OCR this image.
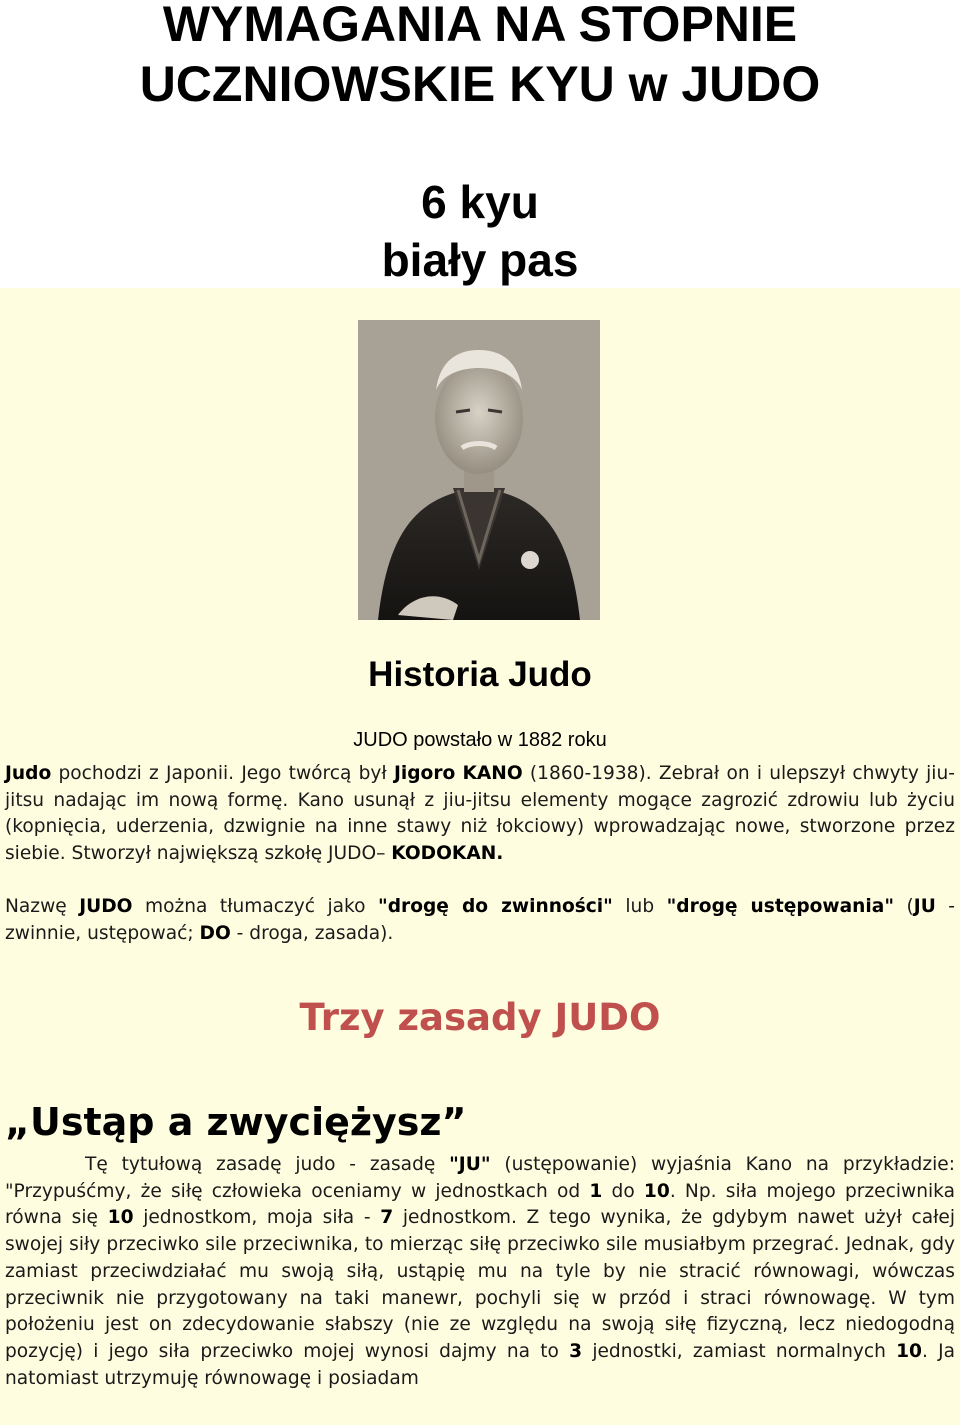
WYMAGANIA NA STOPNIE
UCZNIOWSKIE KYU w JUDO
6 kyu
biały pas
Historia Judo
JUDO powstało w 1882 roku

Judo pochodzi z Japonii. Jego twórcą był Jigoro KANO (1860-1938). Zebrał on i ulepszył chwyty jiu-jitsu nadając im nową formę. Kano usunął z jiu-jitsu elementy mogące zagrozić zdrowiu lub życiu (kopnięcia, uderzenia, dzwignie na inne stawy niż łokciowy) wprowadzając nowe, stworzone przez siebie. Stworzył największą szkołę JUDO– KODOKAN.

Nazwę JUDO można tłumaczyć jako "drogę do zwinności" lub "drogę ustępowania" (JU - zwinnie, ustępować; DO - droga, zasada).

Trzy zasady JUDO
„Ustąp a zwyciężysz”

Tę tytułową zasadę judo - zasadę "JU" (ustępowanie) wyjaśnia Kano na przykładzie: "Przypuśćmy, że siłę człowieka oceniamy w jednostkach od 1 do 10. Np. siła mojego przeciwnika równa się 10 jednostkom, moja siła - 7 jednostkom. Z tego wynika, że gdybym nawet użył całej swojej siły przeciwko sile przeciwnika, to mierząc siłę przeciwko sile musiałbym przegrać. Jednak, gdy zamiast przeciwdziałać mu swoją siłą, ustąpię mu na tyle by nie stracić równowagi, wówczas przeciwnik nie przygotowany na taki manewr, pochyli się w przód i straci równowagę. W tym położeniu jest on zdecydowanie słabszy (nie ze względu na swoją siłę fizyczną, lecz niedogodną pozycję) i jego siła przeciwko mojej wynosi dajmy na to 3 jednostki, zamiast normalnych 10. Ja natomiast utrzymuję równowagę i posiadam
